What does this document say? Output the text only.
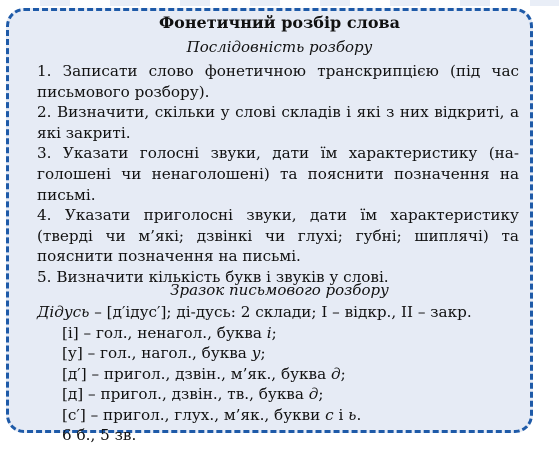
Фонетичний розбір слова
Послідовність розбору

1. Записати слово фонетичною транскрипцією (під час письмового розбору).

2. Визначити, скільки у слові складів і які з них відкриті, а які закриті.

3. Указати голосні звуки, дати їм характеристику (наголошені чи ненаголошені) та пояснити позначення на письмі.

4. Указати приголосні звуки, дати їм характеристику (тверді чи м’які; дзвінкі чи глухі; губні; шиплячі) та пояснити позначення на письмі.

5. Визначити кількість букв і звуків у слові.

Зразок письмового розбору

Дідусь – [д′ідус′]; ді-дусь: 2 склади; I – відкр., II – закр.

[і] – гол., ненагол., буква і;

[у] – гол., нагол., буква у;

[д′] – пригол., дзвін., м’як., буква д;

[д] – пригол., дзвін., тв., буква д;

[с′] – пригол., глух., м’як., букви с і ь.

6 б., 5 зв.
